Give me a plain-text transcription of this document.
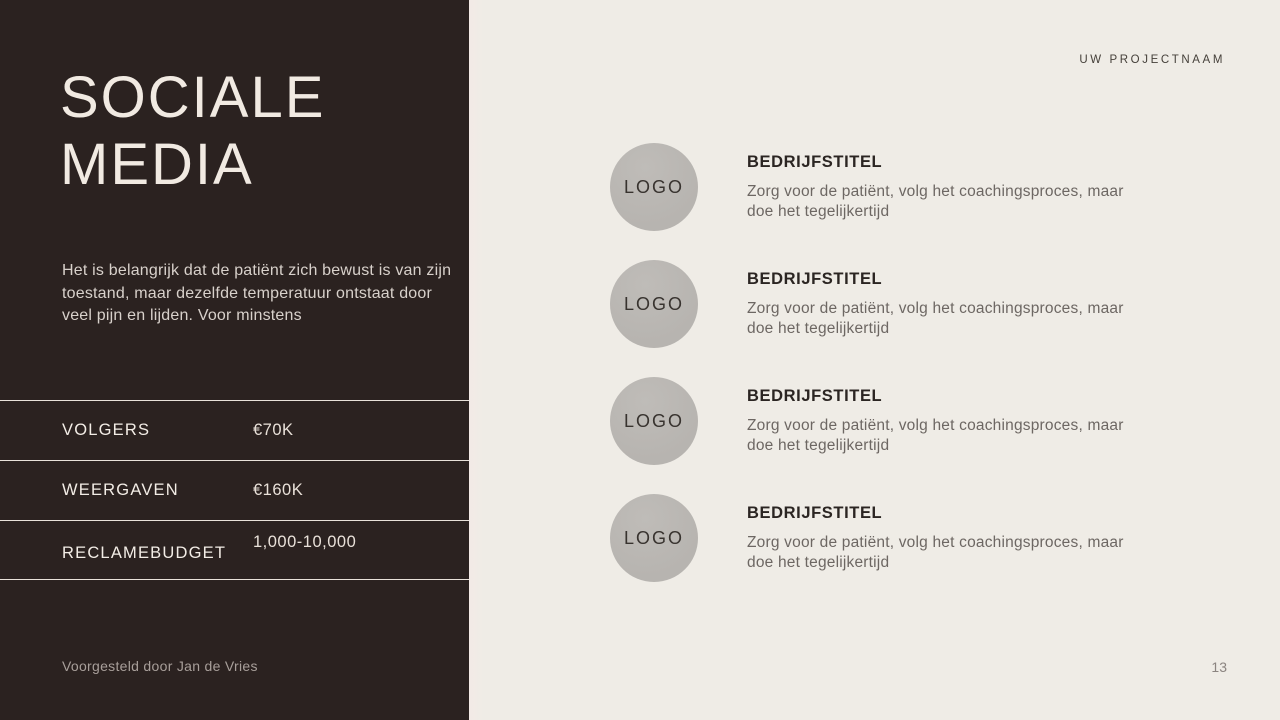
SOCIALE MEDIA

Het is belangrijk dat de patiënt zich bewust is van zijn toestand, maar dezelfde temperatuur ontstaat door veel pijn en lijden. Voor minstens

VOLGERS	€70K
WEERGAVEN	€160K
RECLAMEBUDGET
1,000-10,000
Voorgesteld door Jan de Vries
UW PROJECTNAAM
LOGO
BEDRIJFSTITEL

Zorg voor de patiënt, volg het coachingsproces, maar doe het tegelijkertijd

LOGO
BEDRIJFSTITEL

Zorg voor de patiënt, volg het coachingsproces, maar doe het tegelijkertijd

LOGO
BEDRIJFSTITEL

Zorg voor de patiënt, volg het coachingsproces, maar doe het tegelijkertijd

LOGO
BEDRIJFSTITEL

Zorg voor de patiënt, volg het coachingsproces, maar doe het tegelijkertijd

13
